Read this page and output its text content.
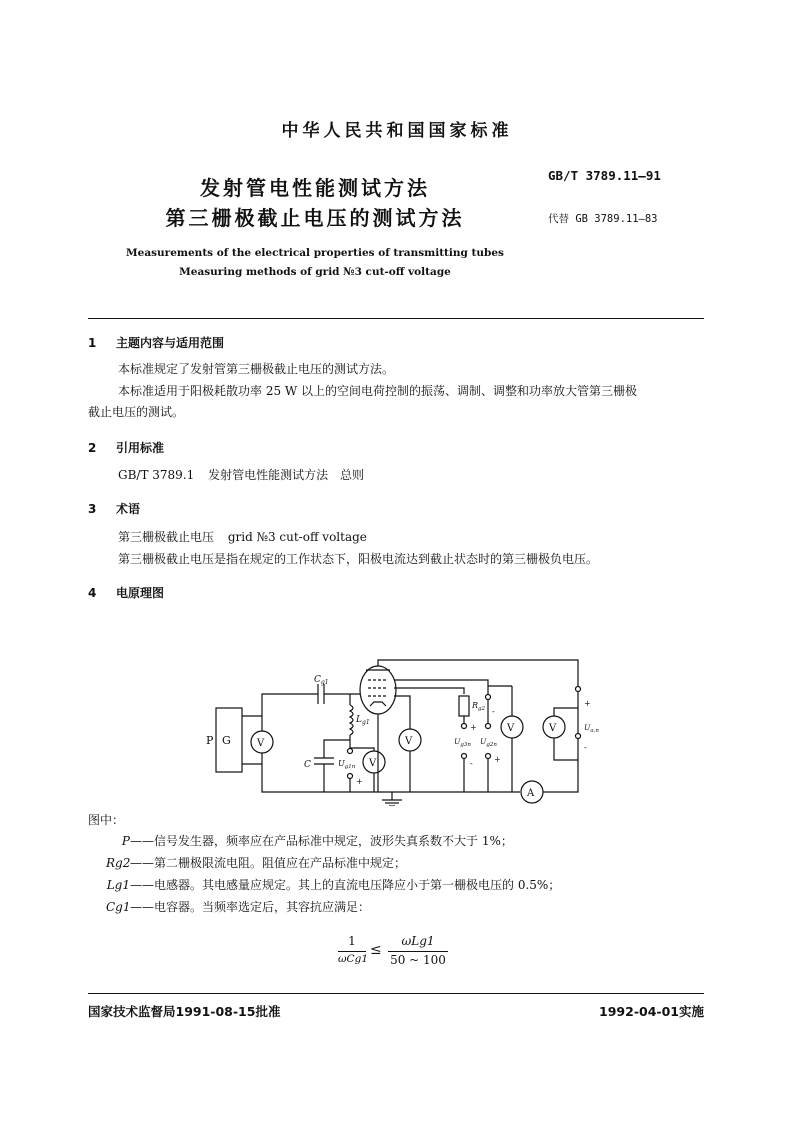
中华人民共和国国家标准
发射管电性能测试方法
第三栅极截止电压的测试方法
GB/T 3789.11—91
代替 GB 3789.11—83
Measurements of the electrical properties of transmitting tubes
Measuring methods of grid №3 cut-off voltage
1 主题内容与适用范围
本标准规定了发射管第三栅极截止电压的测试方法。
本标准适用于阳极耗散功率 25 W 以上的空间电荷控制的振荡、调制、调整和功率放大管第三栅极
截止电压的测试。
2 引用标准
GB/T 3789.1 发射管电性能测试方法 总则
3 术语
第三栅极截止电压 grid №3 cut-off voltage
第三栅极截止电压是指在规定的工作状态下，阳极电流达到截止状态时的第三栅极负电压。
4 电原理图
P G	V
$C_{g1}$
$L_{g1}$
C	$U_{g1n}$
-
+
V
V
$R_{g2}$
+
$U_{g3n}$
-
-
$U_{g2n}$
+
V
A
+
$U_{a.n}$
-
V
图中：
P——信号发生器，频率应在产品标准中规定，波形失真系数不大于 1%；
Rg2——第二栅极限流电阻。阻值应在产品标准中规定；
Lg1——电感器。其电感量应规定。其上的直流电压降应小于第一栅极电压的 0.5%；
Cg1——电容器。当频率选定后，其容抗应满足：
1
ωCg1
≤
ωLg1
50 ~ 100
国家技术监督局1991-08-15批准	1992-04-01实施
